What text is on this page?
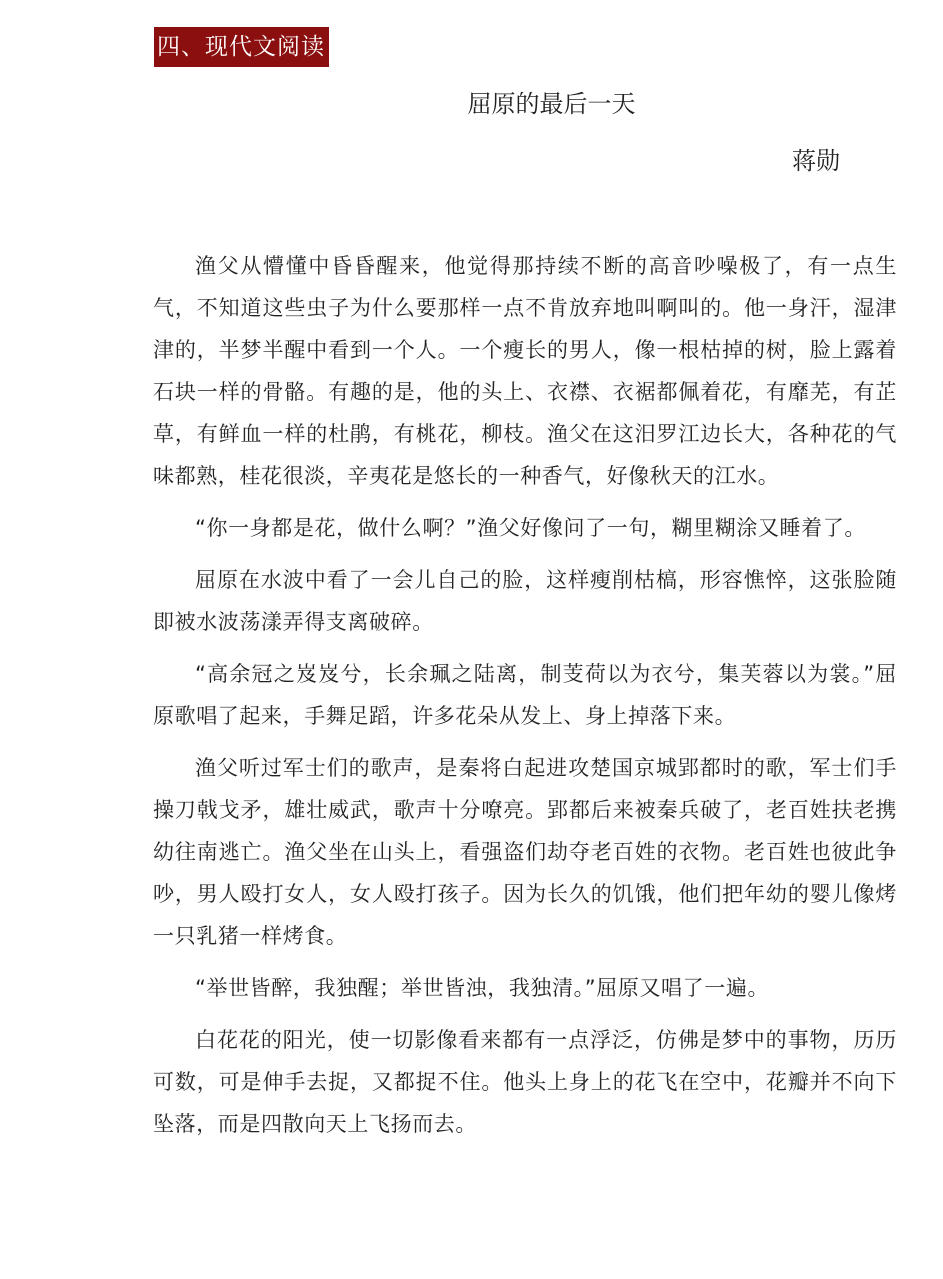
四、现代文阅读
屈原的最后一天
蒋勋

渔父从懵懂中昏昏醒来，他觉得那持续不断的高音吵噪极了，有一点生气，不知道这些虫子为什么要那样一点不肯放弃地叫啊叫的。他一身汗，湿津津的，半梦半醒中看到一个人。一个瘦长的男人，像一根枯掉的树，脸上露着石块一样的骨骼。有趣的是，他的头上、衣襟、衣裾都佩着花，有靡芜，有芷草，有鲜血一样的杜鹃，有桃花，柳枝。渔父在这汨罗江边长大，各种花的气味都熟，桂花很淡，辛夷花是悠长的一种香气，好像秋天的江水。

“你一身都是花，做什么啊？”渔父好像问了一句，糊里糊涂又睡着了。

屈原在水波中看了一会儿自己的脸，这样瘦削枯槁，形容憔悴，这张脸随即被水波荡漾弄得支离破碎。

“高余冠之岌岌兮，长余珮之陆离，制芰荷以为衣兮，集芙蓉以为裳。”屈原歌唱了起来，手舞足蹈，许多花朵从发上、身上掉落下来。

渔父听过军士们的歌声，是秦将白起进攻楚国京城郢都时的歌，军士们手操刀戟戈矛，雄壮威武，歌声十分嘹亮。郢都后来被秦兵破了，老百姓扶老携幼往南逃亡。渔父坐在山头上，看强盗们劫夺老百姓的衣物。老百姓也彼此争吵，男人殴打女人，女人殴打孩子。因为长久的饥饿，他们把年幼的婴儿像烤一只乳猪一样烤食。

“举世皆醉，我独醒；举世皆浊，我独清。”屈原又唱了一遍。

白花花的阳光，使一切影像看来都有一点浮泛，仿佛是梦中的事物，历历可数，可是伸手去捉，又都捉不住。他头上身上的花飞在空中，花瓣并不向下坠落，而是四散向天上飞扬而去。
